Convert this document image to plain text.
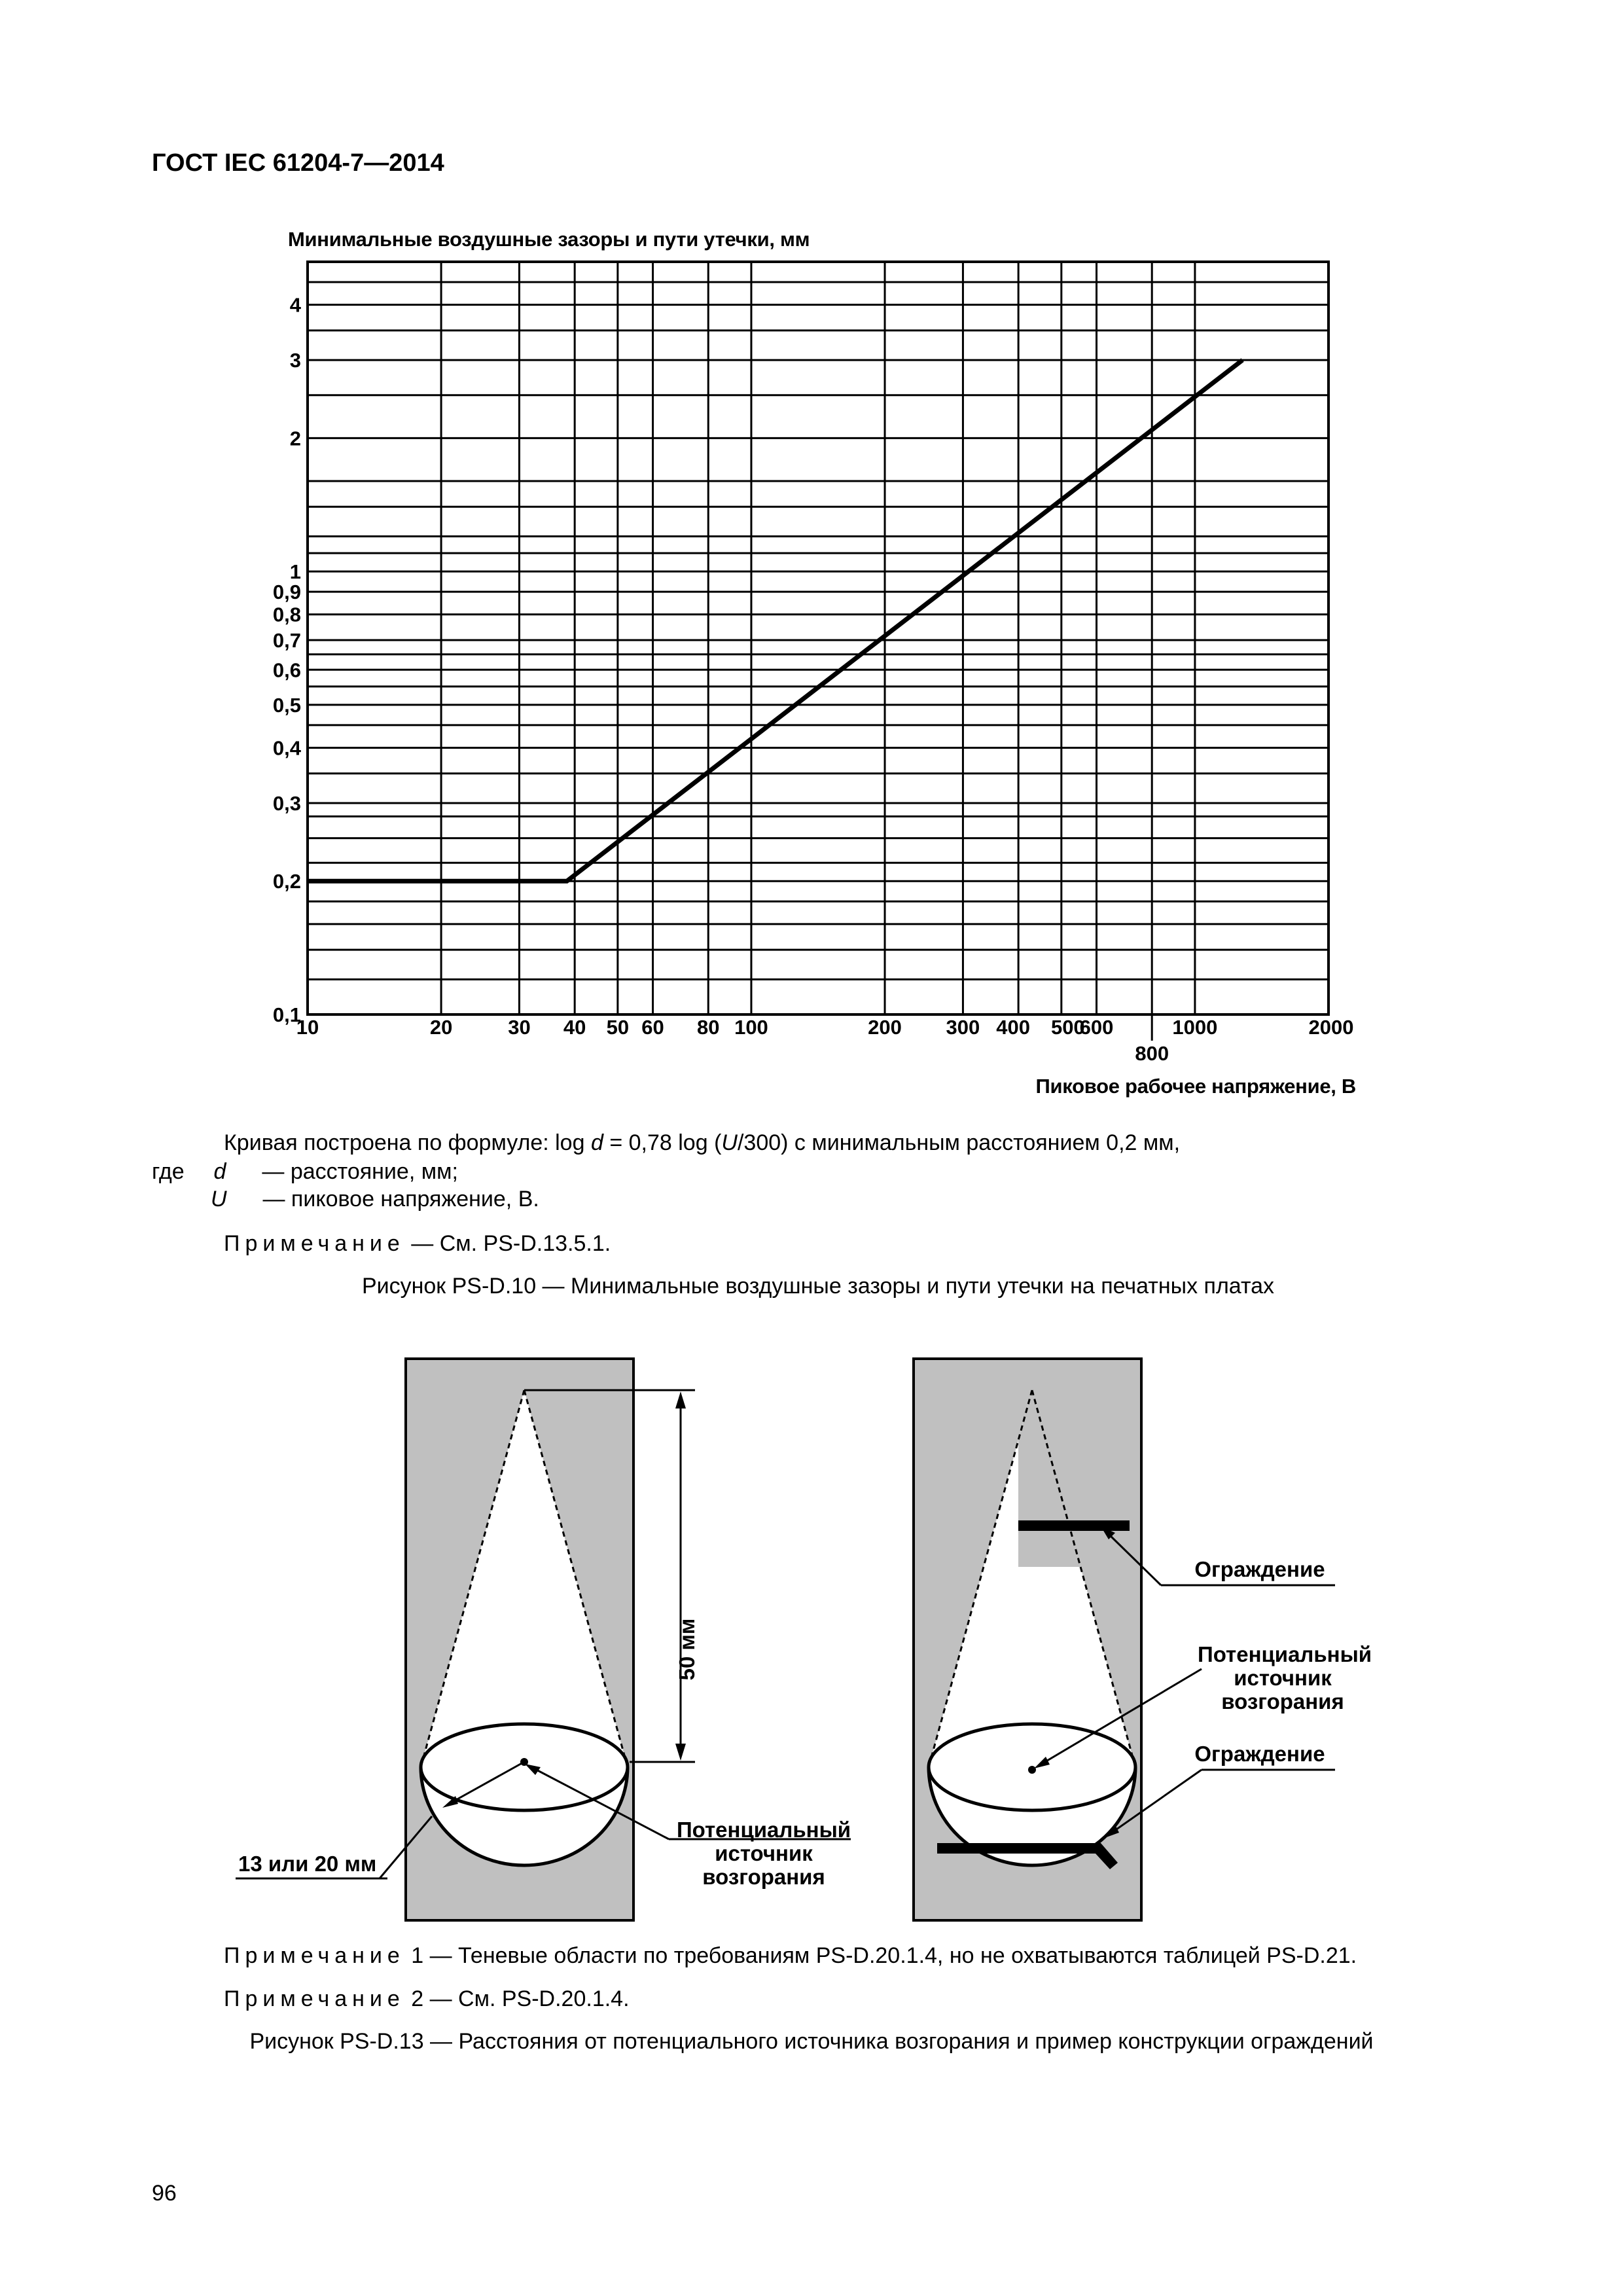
ГОСТ IEC 61204-7—2014
Минимальные воздушные зазоры и пути утечки, мм
0,1
0,2
0,3
0,4
0,5
0,6
0,7
0,8
0,9
1
2
3
4
10	20	30 40 50 60 80 100	200 300 400 500
600
800
1000	2000
Пиковое рабочее напряжение, В
Кривая построена по формуле: log d = 0,78 log (U/300) с минимальным расстоянием 0,2 мм,
где d — расстояние, мм;
U — пиковое напряжение, В.
Примечание — См. PS-D.13.5.1.
Рисунок PS-D.10 — Минимальные воздушные зазоры и пути утечки на печатных платах
50 мм
13 или 20 мм
Потенциальный
источник
возгорания
Ограждение
Потенциальный
источник
возгорания
Ограждение
Примечание 1 — Теневые области по требованиям PS-D.20.1.4, но не охватываются таблицей PS-D.21.
Примечание 2 — См. PS-D.20.1.4.
Рисунок PS-D.13 — Расстояния от потенциального источника возгорания и пример конструкции ограждений
96
